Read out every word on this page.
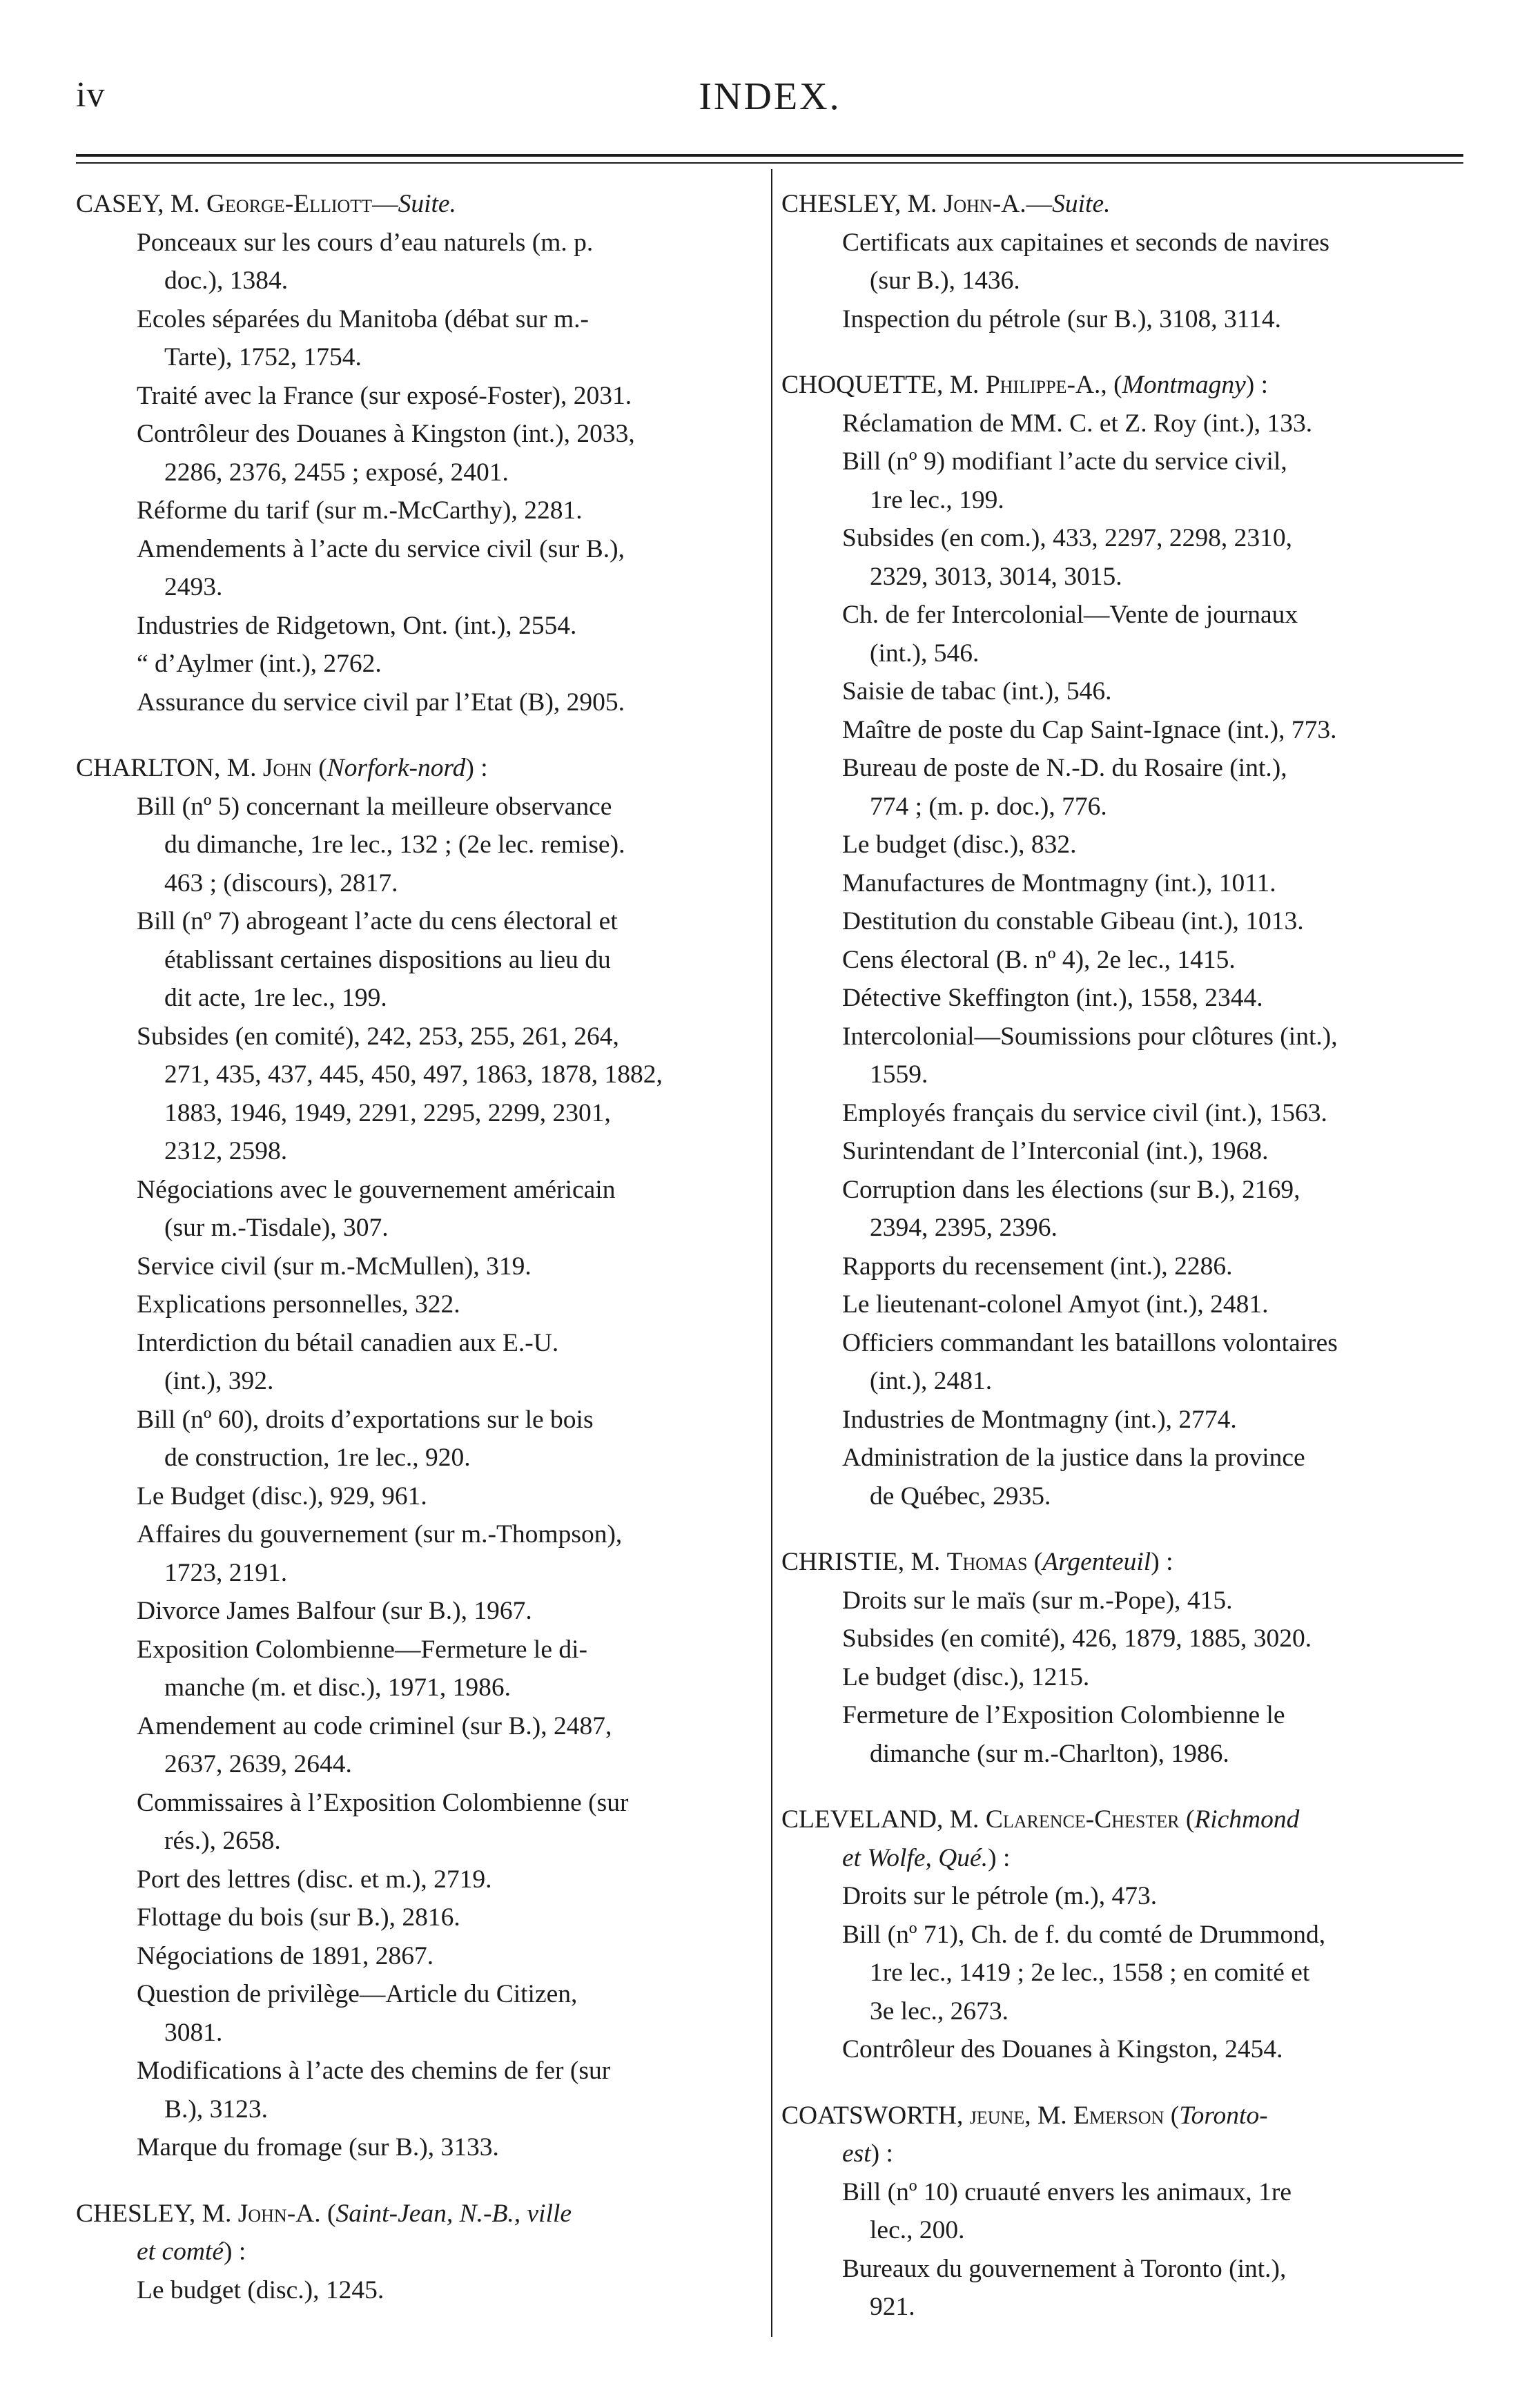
iv	INDEX.
CASEY, M. George-Elliott—Suite.
Ponceaux sur les cours d’eau naturels (m. p.
doc.), 1384.
Ecoles séparées du Manitoba (débat sur m.-
Tarte), 1752, 1754.
Traité avec la France (sur exposé-Foster), 2031.
Contrôleur des Douanes à Kingston (int.), 2033,
2286, 2376, 2455 ; exposé, 2401.
Réforme du tarif (sur m.-McCarthy), 2281.
Amendements à l’acte du service civil (sur B.),
2493.
Industries de Ridgetown, Ont. (int.), 2554.
“ d’Aylmer (int.), 2762.
Assurance du service civil par l’Etat (B), 2905.
CHARLTON, M. John (Norfork-nord) :
Bill (nº 5) concernant la meilleure observance
du dimanche, 1re lec., 132 ; (2e lec. remise).
463 ; (discours), 2817.
Bill (nº 7) abrogeant l’acte du cens électoral et
établissant certaines dispositions au lieu du
dit acte, 1re lec., 199.
Subsides (en comité), 242, 253, 255, 261, 264,
271, 435, 437, 445, 450, 497, 1863, 1878, 1882,
1883, 1946, 1949, 2291, 2295, 2299, 2301,
2312, 2598.
Négociations avec le gouvernement américain
(sur m.-Tisdale), 307.
Service civil (sur m.-McMullen), 319.
Explications personnelles, 322.
Interdiction du bétail canadien aux E.-U.
(int.), 392.
Bill (nº 60), droits d’exportations sur le bois
de construction, 1re lec., 920.
Le Budget (disc.), 929, 961.
Affaires du gouvernement (sur m.-Thompson),
1723, 2191.
Divorce James Balfour (sur B.), 1967.
Exposition Colombienne—Fermeture le di-
manche (m. et disc.), 1971, 1986.
Amendement au code criminel (sur B.), 2487,
2637, 2639, 2644.
Commissaires à l’Exposition Colombienne (sur
rés.), 2658.
Port des lettres (disc. et m.), 2719.
Flottage du bois (sur B.), 2816.
Négociations de 1891, 2867.
Question de privilège—Article du Citizen,
3081.
Modifications à l’acte des chemins de fer (sur
B.), 3123.
Marque du fromage (sur B.), 3133.
CHESLEY, M. John-A. (Saint-Jean, N.-B., ville
et comté) :
Le budget (disc.), 1245.
CHESLEY, M. John-A.—Suite.
Certificats aux capitaines et seconds de navires
(sur B.), 1436.
Inspection du pétrole (sur B.), 3108, 3114.
CHOQUETTE, M. Philippe-A., (Montmagny) :
Réclamation de MM. C. et Z. Roy (int.), 133.
Bill (nº 9) modifiant l’acte du service civil,
1re lec., 199.
Subsides (en com.), 433, 2297, 2298, 2310,
2329, 3013, 3014, 3015.
Ch. de fer Intercolonial—Vente de journaux
(int.), 546.
Saisie de tabac (int.), 546.
Maître de poste du Cap Saint-Ignace (int.), 773.
Bureau de poste de N.-D. du Rosaire (int.),
774 ; (m. p. doc.), 776.
Le budget (disc.), 832.
Manufactures de Montmagny (int.), 1011.
Destitution du constable Gibeau (int.), 1013.
Cens électoral (B. nº 4), 2e lec., 1415.
Détective Skeffington (int.), 1558, 2344.
Intercolonial—Soumissions pour clôtures (int.),
1559.
Employés français du service civil (int.), 1563.
Surintendant de l’Interconial (int.), 1968.
Corruption dans les élections (sur B.), 2169,
2394, 2395, 2396.
Rapports du recensement (int.), 2286.
Le lieutenant-colonel Amyot (int.), 2481.
Officiers commandant les bataillons volontaires
(int.), 2481.
Industries de Montmagny (int.), 2774.
Administration de la justice dans la province
de Québec, 2935.
CHRISTIE, M. Thomas (Argenteuil) :
Droits sur le maïs (sur m.-Pope), 415.
Subsides (en comité), 426, 1879, 1885, 3020.
Le budget (disc.), 1215.
Fermeture de l’Exposition Colombienne le
dimanche (sur m.-Charlton), 1986.
CLEVELAND, M. Clarence-Chester (Richmond
et Wolfe, Qué.) :
Droits sur le pétrole (m.), 473.
Bill (nº 71), Ch. de f. du comté de Drummond,
1re lec., 1419 ; 2e lec., 1558 ; en comité et
3e lec., 2673.
Contrôleur des Douanes à Kingston, 2454.
COATSWORTH, jeune, M. Emerson (Toronto-
est) :
Bill (nº 10) cruauté envers les animaux, 1re
lec., 200.
Bureaux du gouvernement à Toronto (int.),
921.
